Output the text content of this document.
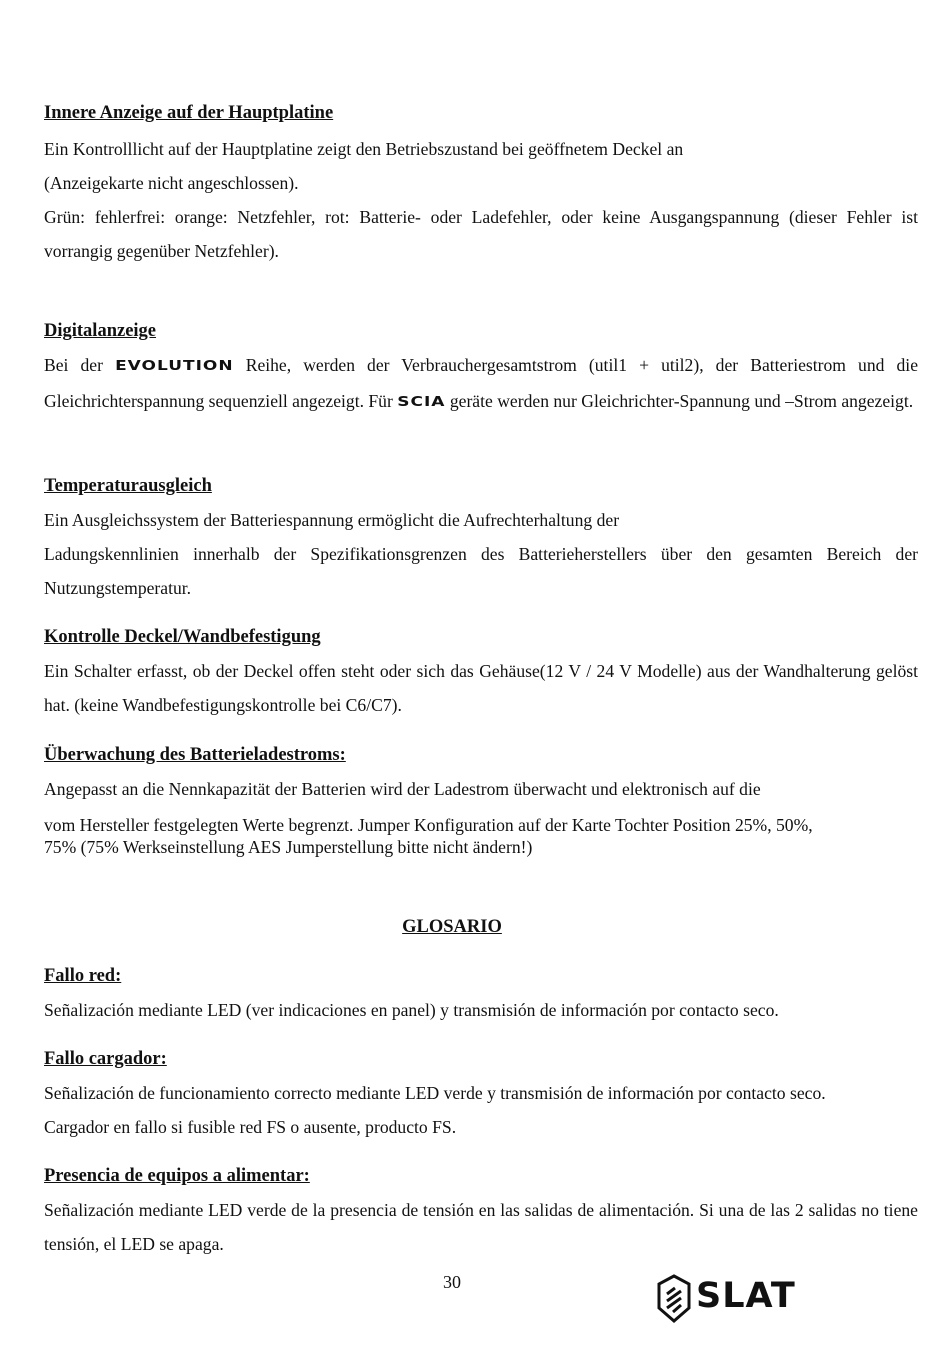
Innere Anzeige auf der Hauptplatine

Ein Kontrolllicht auf der Hauptplatine zeigt den Betriebszustand bei geöffnetem Deckel an

(Anzeigekarte nicht angeschlossen).

Grün: fehlerfrei: orange: Netzfehler, rot: Batterie- oder Ladefehler, oder keine Ausgangspannung (dieser Fehler ist vorrangig gegenüber Netzfehler).

Digitalanzeige

Bei der EVOLUTION Reihe, werden der Verbrauchergesamtstrom (util1 + util2), der Batteriestrom und die Gleichrichterspannung sequenziell angezeigt. Für SCIA geräte werden nur Gleichrichter-Spannung und –Strom angezeigt.

Temperaturausgleich

Ein Ausgleichssystem der Batteriespannung ermöglicht die Aufrechterhaltung der

Ladungskennlinien innerhalb der Spezifikationsgrenzen des Batterieherstellers über den gesamten Bereich der Nutzungstemperatur.

Kontrolle Deckel/Wandbefestigung

Ein Schalter erfasst, ob der Deckel offen steht oder sich das Gehäuse(12 V / 24 V Modelle) aus der Wandhalterung gelöst hat. (keine Wandbefestigungskontrolle bei C6/C7).

Überwachung des Batterieladestroms:

Angepasst an die Nennkapazität der Batterien wird der Ladestrom überwacht und elektronisch auf die

vom Hersteller festgelegten Werte begrenzt. Jumper Konfiguration auf der Karte Tochter Position 25%, 50%,

75% (75% Werkseinstellung AES Jumperstellung bitte nicht ändern!)

GLOSARIO

Fallo red:

Señalización mediante LED (ver indicaciones en panel) y transmisión de información por contacto seco.

Fallo cargador:

Señalización de funcionamiento correcto mediante LED verde y transmisión de información por contacto seco.

Cargador en fallo si fusible red FS o ausente, producto FS.

Presencia de equipos a alimentar:

Señalización mediante LED verde de la presencia de tensión en las salidas de alimentación. Si una de las 2 salidas no tiene tensión, el LED se apaga.

30	SLAT
